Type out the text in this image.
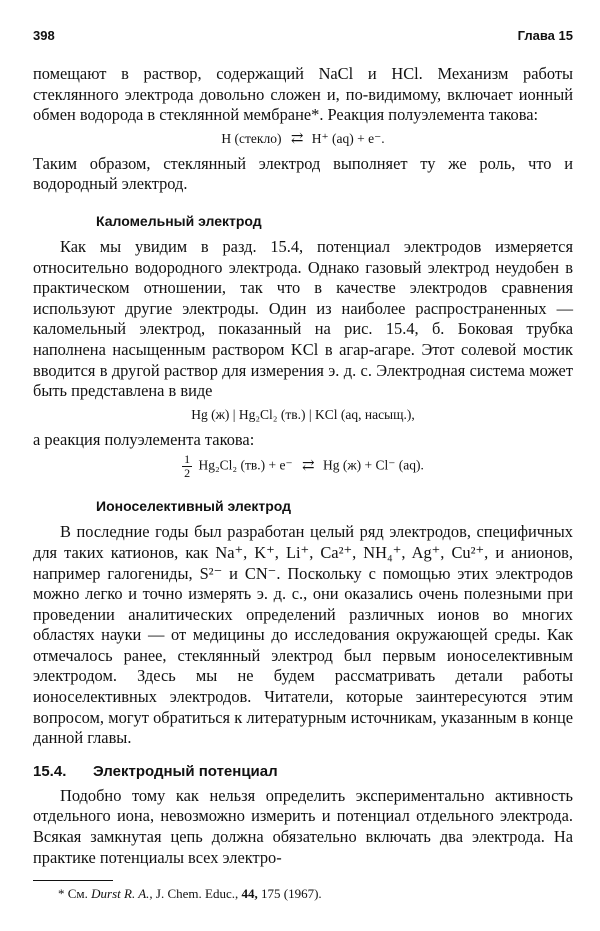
398	Глава 15

помещают в раствор, содержащий NaCl и HCl. Механизм работы стеклянного электрода довольно сложен и, по-видимому, включает ионный обмен водорода в стеклянной мембране*. Реакция полуэлемента такова:

H (стекло) ⇄ H⁺ (aq) + e⁻.

Таким образом, стеклянный электрод выполняет ту же роль, что и водородный электрод.

Каломельный электрод

Как мы увидим в разд. 15.4, потенциал электродов измеряется относительно водородного электрода. Однако газовый электрод неудобен в практическом отношении, так что в качестве электродов сравнения используют другие электроды. Один из наиболее распространенных — каломельный электрод, показанный на рис. 15.4, б. Боковая трубка наполнена насыщенным раствором KCl в агар-агаре. Этот солевой мостик вводится в другой раствор для измерения э. д. с. Электродная система может быть представлена в виде

Hg (ж) | Hg₂Cl₂ (тв.) | KCl (aq, насыщ.),

а реакция полуэлемента такова:

$\frac{1}{2} Hg_2Cl_2$ (тв.) + e⁻ ⇄ Hg (ж) + Cl⁻ (aq).
Ионоселективный электрод

В последние годы был разработан целый ряд электродов, специфичных для таких катионов, как Na⁺, K⁺, Li⁺, Ca²⁺, NH₄⁺, Ag⁺, Cu²⁺, и анионов, например галогениды, S²⁻ и CN⁻. Поскольку с помощью этих электродов можно легко и точно измерять э. д. с., они оказались очень полезными при проведении аналитических определений различных ионов во многих областях науки — от медицины до исследования окружающей среды. Как отмечалось ранее, стеклянный электрод был первым ионоселективным электродом. Здесь мы не будем рассматривать детали работы ионоселективных электродов. Читатели, которые заинтересуются этим вопросом, могут обратиться к литературным источникам, указанным в конце данной главы.

15.4. Электродный потенциал

Подобно тому как нельзя определить экспериментально активность отдельного иона, невозможно измерить и потенциал отдельного электрода. Всякая замкнутая цепь должна обязательно включать два электрода. На практике потенциалы всех электро-

* См. Durst R. A., J. Chem. Educ., 44, 175 (1967).
